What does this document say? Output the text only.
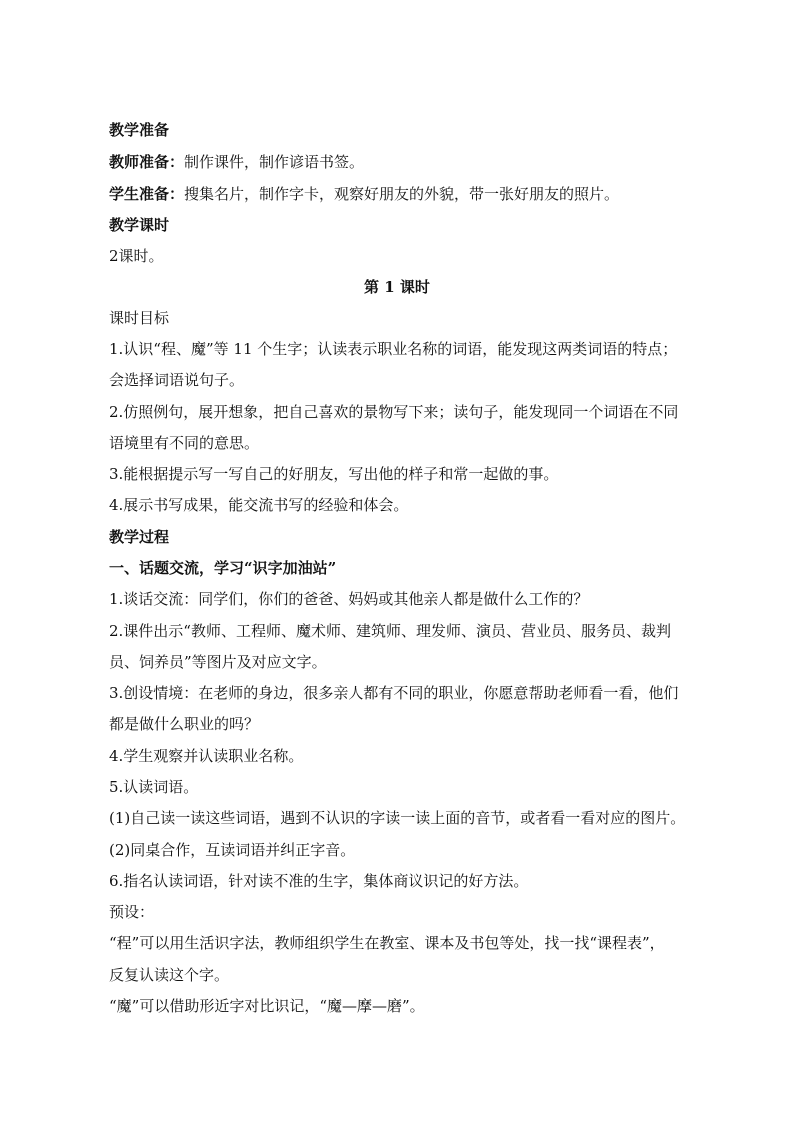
教学准备
教师准备：制作课件，制作谚语书签。
学生准备：搜集名片，制作字卡，观察好朋友的外貌，带一张好朋友的照片。
教学课时
2课时。
第 1 课时
课时目标
1.认识“程、魔”等 11 个生字；认读表示职业名称的词语，能发现这两类词语的特点；
会选择词语说句子。
2.仿照例句，展开想象，把自己喜欢的景物写下来；读句子，能发现同一个词语在不同
语境里有不同的意思。
3.能根据提示写一写自己的好朋友，写出他的样子和常一起做的事。
4.展示书写成果，能交流书写的经验和体会。
教学过程
一、话题交流，学习“识字加油站”
1.谈话交流：同学们，你们的爸爸、妈妈或其他亲人都是做什么工作的？
2.课件出示“教师、工程师、魔术师、建筑师、理发师、演员、营业员、服务员、裁判
员、饲养员”等图片及对应文字。
3.创设情境：在老师的身边，很多亲人都有不同的职业，你愿意帮助老师看一看，他们
都是做什么职业的吗？
4.学生观察并认读职业名称。
5.认读词语。
(1)自己读一读这些词语，遇到不认识的字读一读上面的音节，或者看一看对应的图片。
(2)同桌合作，互读词语并纠正字音。
6.指名认读词语，针对读不准的生字，集体商议识记的好方法。
预设：
“程”可以用生活识字法，教师组织学生在教室、课本及书包等处，找一找“课程表”，
反复认读这个字。
“魔”可以借助形近字对比识记，“魔—摩—磨”。
